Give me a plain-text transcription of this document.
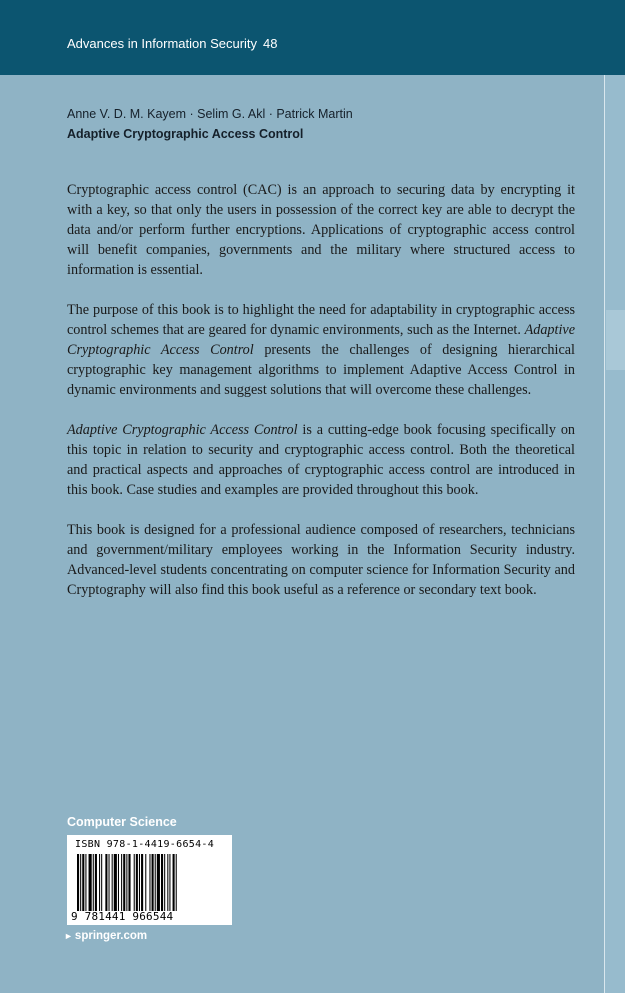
Advances in Information Security 48
Anne V. D. M. Kayem · Selim G. Akl · Patrick Martin
Adaptive Cryptographic Access Control

Cryptographic access control (CAC) is an approach to securing data by encrypting it with a key, so that only the users in possession of the correct key are able to decrypt the data and/or perform further encryptions. Applications of cryptographic access control will benefit companies, governments and the military where structured access to information is essential.

The purpose of this book is to highlight the need for adaptability in cryptographic access control schemes that are geared for dynamic environments, such as the Internet. Adaptive Cryptographic Access Control presents the challenges of designing hierarchical cryptographic key management algorithms to implement Adaptive Access Control in dynamic environments and suggest solutions that will overcome these challenges.

Adaptive Cryptographic Access Control is a cutting-edge book focusing specifically on this topic in relation to security and cryptographic access control. Both the theoretical and practical aspects and approaches of cryptographic access control are introduced in this book. Case studies and examples are provided throughout this book.

This book is designed for a professional audience composed of researchers, technicians and government/military employees working in the Information Security industry. Advanced-level students concentrating on computer science for Information Security and Cryptography will also find this book useful as a reference or secondary text book.

Computer Science
ISBN 978-1-4419-6654-4
9 781441 966544
► springer.com
